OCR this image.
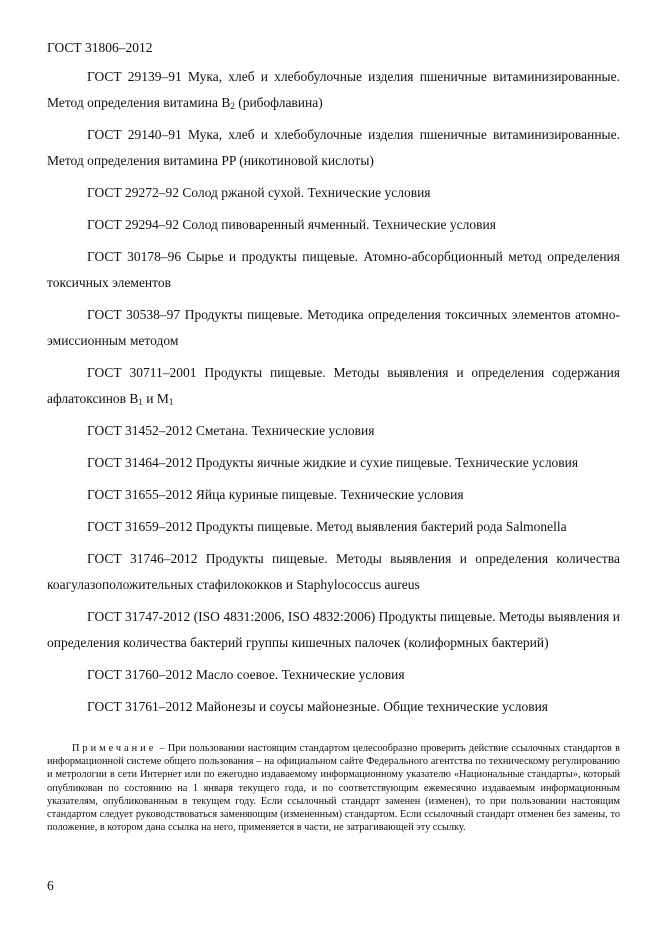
ГОСТ 31806–2012

ГОСТ 29139–91 Мука, хлеб и хлебобулочные изделия пшеничные витаминизированные. Метод определения витамина $B_2$ (рибофлавина)

ГОСТ 29140–91 Мука, хлеб и хлебобулочные изделия пшеничные витаминизированные. Метод определения витамина PP (никотиновой кислоты)

ГОСТ 29272–92 Солод ржаной сухой. Технические условия

ГОСТ 29294–92 Солод пивоваренный ячменный. Технические условия

ГОСТ 30178–96 Сырье и продукты пищевые. Атомно-абсорбционный метод определения токсичных элементов

ГОСТ 30538–97 Продукты пищевые. Методика определения токсичных элементов атомно-эмиссионным методом

ГОСТ 30711–2001 Продукты пищевые. Методы выявления и определения содержания афлатоксинов $B_1$ и $M_1$

ГОСТ 31452–2012 Сметана. Технические условия

ГОСТ 31464–2012 Продукты яичные жидкие и сухие пищевые. Технические условия

ГОСТ 31655–2012 Яйца куриные пищевые. Технические условия

ГОСТ 31659–2012 Продукты пищевые. Метод выявления бактерий рода Salmonella

ГОСТ 31746–2012 Продукты пищевые. Методы выявления и определения количества коагулазоположительных стафилококков и Staphylococcus aureus

ГОСТ 31747-2012 (ISO 4831:2006, ISO 4832:2006) Продукты пищевые. Методы выявления и определения количества бактерий группы кишечных палочек (колиформных бактерий)

ГОСТ 31760–2012 Масло соевое. Технические условия

ГОСТ 31761–2012 Майонезы и соусы майонезные. Общие технические условия

Примечание – При пользовании настоящим стандартом целесообразно проверить действие ссылочных стандартов в информационной системе общего пользования – на официальном сайте Федерального агентства по техническому регулированию и метрологии в сети Интернет или по ежегодно издаваемому информационному указателю «Национальные стандарты», который опубликован по состоянию на 1 января текущего года, и по соответствующим ежемесячно издаваемым информационным указателям, опубликованным в текущем году. Если ссылочный стандарт заменен (изменен), то при пользовании настоящим стандартом следует руководствоваться заменяющим (измененным) стандартом. Если ссылочный стандарт отменен без замены, то положение, в котором дана ссылка на него, применяется в части, не затрагивающей эту ссылку.

6
